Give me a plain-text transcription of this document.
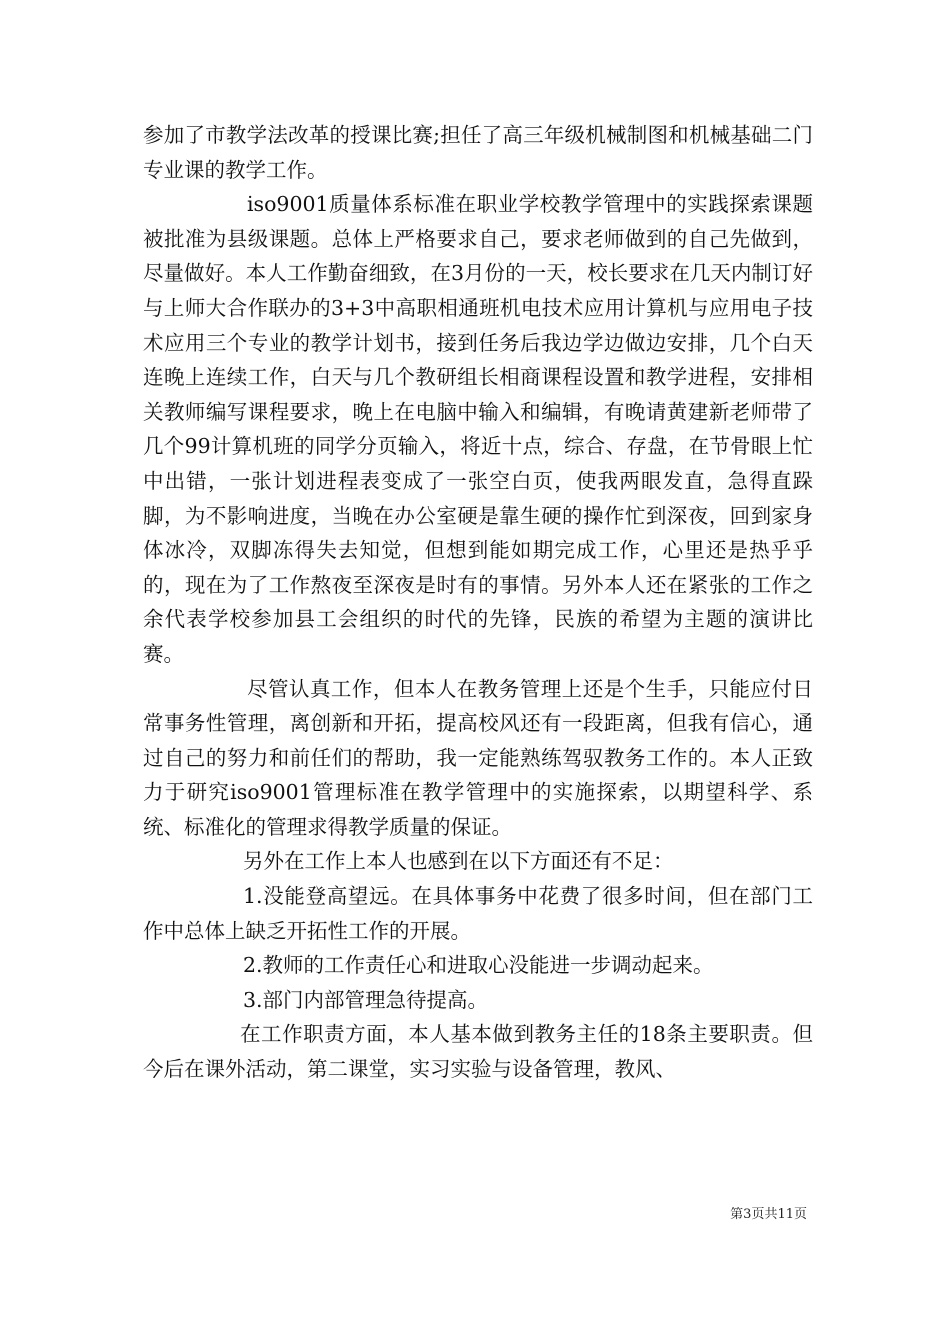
参加了市教学法改革的授课比赛;担任了高三年级机械制图和机械基础二门专业课的教学工作。

iso9001质量体系标准在职业学校教学管理中的实践探索课题被批准为县级课题。总体上严格要求自己，要求老师做到的自己先做到，尽量做好。本人工作勤奋细致，在3月份的一天，校长要求在几天内制订好与上师大合作联办的3+3中高职相通班机电技术应用计算机与应用电子技术应用三个专业的教学计划书，接到任务后我边学边做边安排，几个白天连晚上连续工作，白天与几个教研组长相商课程设置和教学进程，安排相关教师编写课程要求，晚上在电脑中输入和编辑，有晚请黄建新老师带了几个99计算机班的同学分页输入，将近十点，综合、存盘，在节骨眼上忙中出错，一张计划进程表变成了一张空白页，使我两眼发直，急得直跺脚，为不影响进度，当晚在办公室硬是靠生硬的操作忙到深夜，回到家身体冰冷，双脚冻得失去知觉，但想到能如期完成工作，心里还是热乎乎的，现在为了工作熬夜至深夜是时有的事情。另外本人还在紧张的工作之余代表学校参加县工会组织的时代的先锋，民族的希望为主题的演讲比赛。

尽管认真工作，但本人在教务管理上还是个生手，只能应付日常事务性管理，离创新和开拓，提高校风还有一段距离，但我有信心，通过自己的努力和前任们的帮助，我一定能熟练驾驭教务工作的。本人正致力于研究iso9001管理标准在教学管理中的实施探索，以期望科学、系统、标准化的管理求得教学质量的保证。

另外在工作上本人也感到在以下方面还有不足：

1.没能登高望远。在具体事务中花费了很多时间，但在部门工作中总体上缺乏开拓性工作的开展。

2.教师的工作责任心和进取心没能进一步调动起来。

3.部门内部管理急待提高。

在工作职责方面，本人基本做到教务主任的18条主要职责。但今后在课外活动，第二课堂，实习实验与设备管理，教风、

第3页共11页
